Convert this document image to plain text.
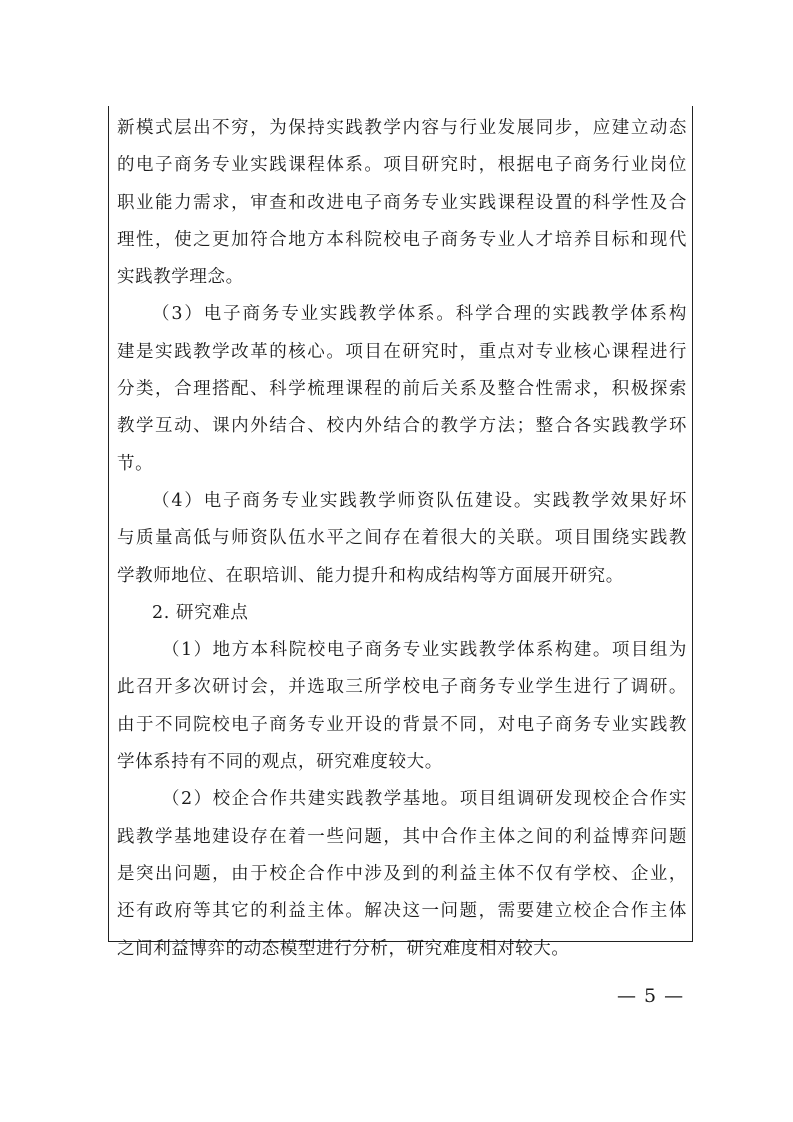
新模式层出不穷，为保持实践教学内容与行业发展同步，应建立动态
的电子商务专业实践课程体系。项目研究时，根据电子商务行业岗位
职业能力需求，审查和改进电子商务专业实践课程设置的科学性及合
理性，使之更加符合地方本科院校电子商务专业人才培养目标和现代
实践教学理念。
（3）电子商务专业实践教学体系。科学合理的实践教学体系构
建是实践教学改革的核心。项目在研究时，重点对专业核心课程进行
分类，合理搭配、科学梳理课程的前后关系及整合性需求，积极探索
教学互动、课内外结合、校内外结合的教学方法；整合各实践教学环
节。
（4）电子商务专业实践教学师资队伍建设。实践教学效果好坏
与质量高低与师资队伍水平之间存在着很大的关联。项目围绕实践教
学教师地位、在职培训、能力提升和构成结构等方面展开研究。
2. 研究难点
（1）地方本科院校电子商务专业实践教学体系构建。项目组为
此召开多次研讨会，并选取三所学校电子商务专业学生进行了调研。
由于不同院校电子商务专业开设的背景不同，对电子商务专业实践教
学体系持有不同的观点，研究难度较大。
（2）校企合作共建实践教学基地。项目组调研发现校企合作实
践教学基地建设存在着一些问题，其中合作主体之间的利益博弈问题
是突出问题，由于校企合作中涉及到的利益主体不仅有学校、企业，
还有政府等其它的利益主体。解决这一问题，需要建立校企合作主体
之间利益博弈的动态模型进行分析，研究难度相对较大。
— 5 —
